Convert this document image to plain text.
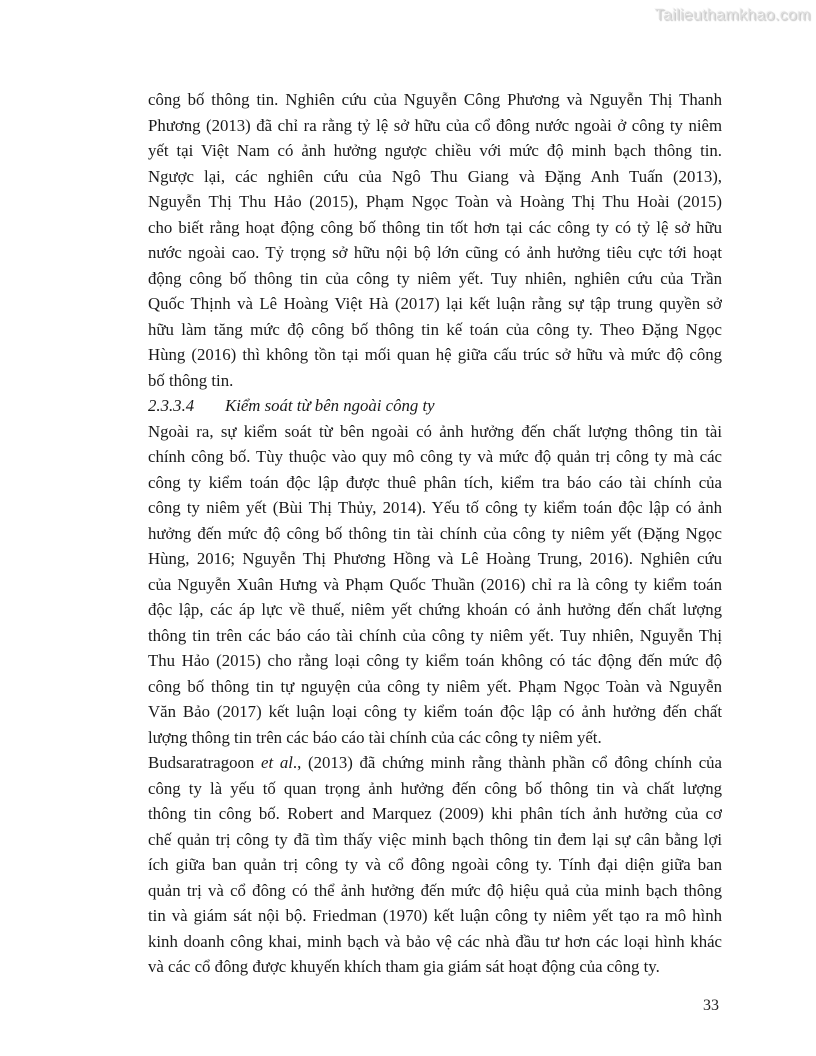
Tailieuthamkhao.com
công bố thông tin. Nghiên cứu của Nguyễn Công Phương và Nguyễn Thị Thanh
Phương (2013) đã chỉ ra rằng tỷ lệ sở hữu của cổ đông nước ngoài ở công ty niêm
yết tại Việt Nam có ảnh hưởng ngược chiều với mức độ minh bạch thông tin.
Ngược lại, các nghiên cứu của Ngô Thu Giang và Đặng Anh Tuấn (2013),
Nguyễn Thị Thu Hảo (2015), Phạm Ngọc Toàn và Hoàng Thị Thu Hoài (2015)
cho biết rằng hoạt động công bố thông tin tốt hơn tại các công ty có tỷ lệ sở hữu
nước ngoài cao. Tỷ trọng sở hữu nội bộ lớn cũng có ảnh hưởng tiêu cực tới hoạt
động công bố thông tin của công ty niêm yết. Tuy nhiên, nghiên cứu của Trần
Quốc Thịnh và Lê Hoàng Việt Hà (2017) lại kết luận rằng sự tập trung quyền sở
hữu làm tăng mức độ công bố thông tin kế toán của công ty. Theo Đặng Ngọc
Hùng (2016) thì không tồn tại mối quan hệ giữa cấu trúc sở hữu và mức độ công
bố thông tin.
2.3.3.4 Kiểm soát từ bên ngoài công ty
Ngoài ra, sự kiểm soát từ bên ngoài có ảnh hưởng đến chất lượng thông tin tài
chính công bố. Tùy thuộc vào quy mô công ty và mức độ quản trị công ty mà các
công ty kiểm toán độc lập được thuê phân tích, kiểm tra báo cáo tài chính của
công ty niêm yết (Bùi Thị Thủy, 2014). Yếu tố công ty kiểm toán độc lập có ảnh
hưởng đến mức độ công bố thông tin tài chính của công ty niêm yết (Đặng Ngọc
Hùng, 2016; Nguyễn Thị Phương Hồng và Lê Hoàng Trung, 2016). Nghiên cứu
của Nguyễn Xuân Hưng và Phạm Quốc Thuần (2016) chỉ ra là công ty kiểm toán
độc lập, các áp lực về thuế, niêm yết chứng khoán có ảnh hưởng đến chất lượng
thông tin trên các báo cáo tài chính của công ty niêm yết. Tuy nhiên, Nguyễn Thị
Thu Hảo (2015) cho rằng loại công ty kiểm toán không có tác động đến mức độ
công bố thông tin tự nguyện của công ty niêm yết. Phạm Ngọc Toàn và Nguyễn
Văn Bảo (2017) kết luận loại công ty kiểm toán độc lập có ảnh hưởng đến chất
lượng thông tin trên các báo cáo tài chính của các công ty niêm yết.
Budsaratragoon et al., (2013) đã chứng minh rằng thành phần cổ đông chính của
công ty là yếu tố quan trọng ảnh hưởng đến công bố thông tin và chất lượng
thông tin công bố. Robert and Marquez (2009) khi phân tích ảnh hưởng của cơ
chế quản trị công ty đã tìm thấy việc minh bạch thông tin đem lại sự cân bằng lợi
ích giữa ban quản trị công ty và cổ đông ngoài công ty. Tính đại diện giữa ban
quản trị và cổ đông có thể ảnh hưởng đến mức độ hiệu quả của minh bạch thông
tin và giám sát nội bộ. Friedman (1970) kết luận công ty niêm yết tạo ra mô hình
kinh doanh công khai, minh bạch và bảo vệ các nhà đầu tư hơn các loại hình khác
và các cổ đông được khuyến khích tham gia giám sát hoạt động của công ty.
33
